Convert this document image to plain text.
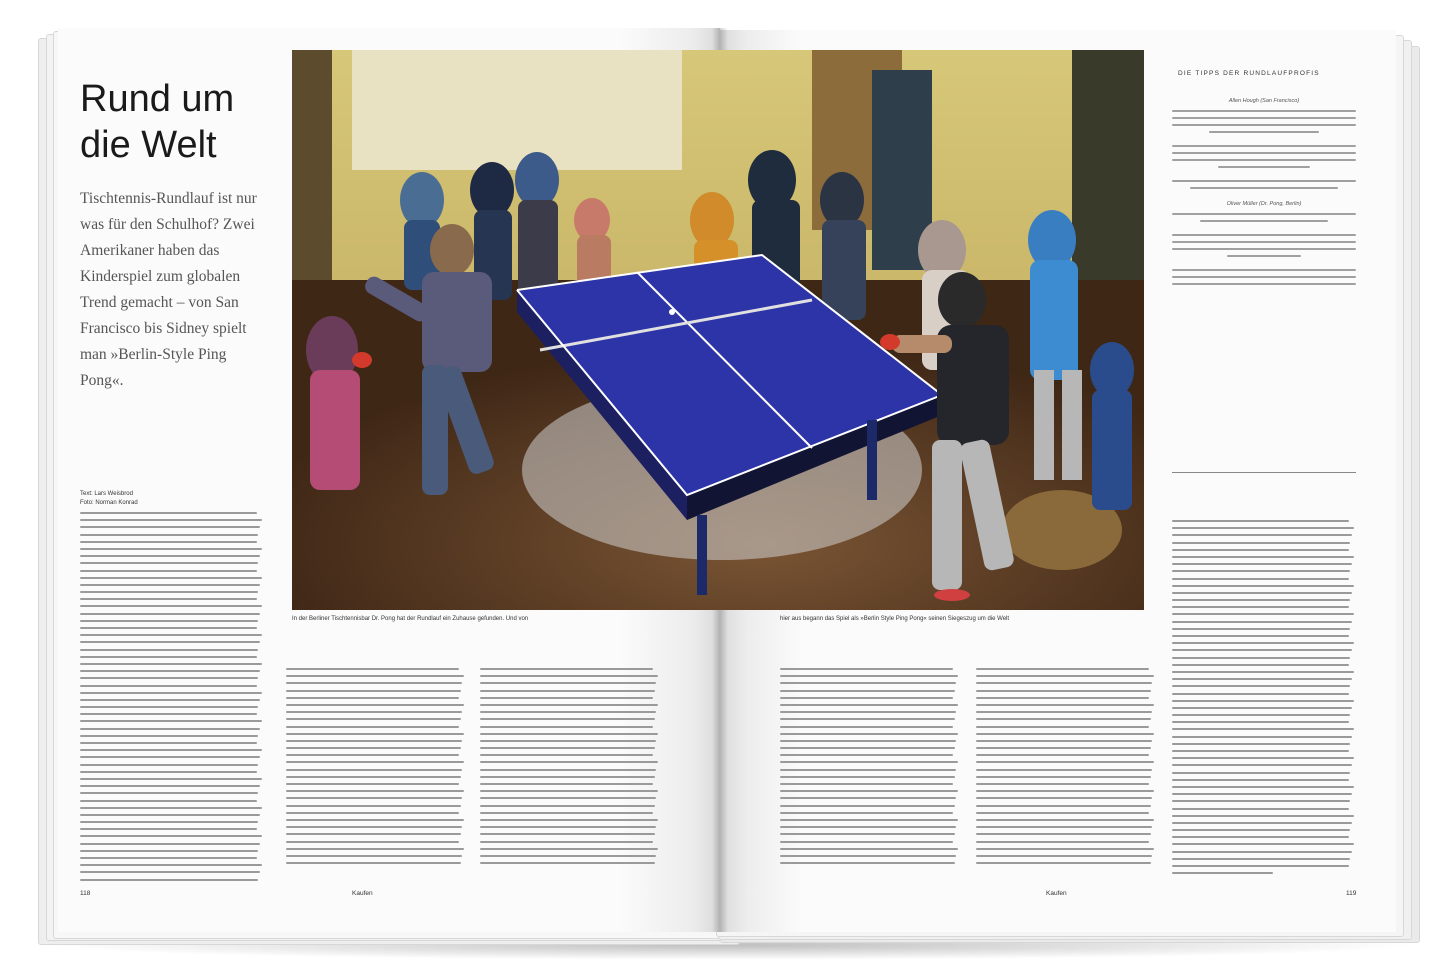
Rund um die Welt

Tischtennis-Rundlauf ist nur was für den Schulhof? Zwei Amerikaner haben das Kinderspiel zum globalen Trend gemacht – von San Francisco bis Sidney spielt man »Berlin-Style Ping Pong«.

Text: Lars Weisbrod
Foto: Norman Konrad
In der Berliner Tischtennisbar Dr. Pong hat der Rundlauf ein Zuhause gefunden. Und von	hier aus begann das Spiel als »Berlin Style Ping Pong« seinen Siegeszug um die Welt
DIE TIPPS DER RUNDLAUFPROFIS
Allen Hough (San Francisco)
Oliver Müller (Dr. Pong, Berlin)
118	Kaufen	Kaufen	119
